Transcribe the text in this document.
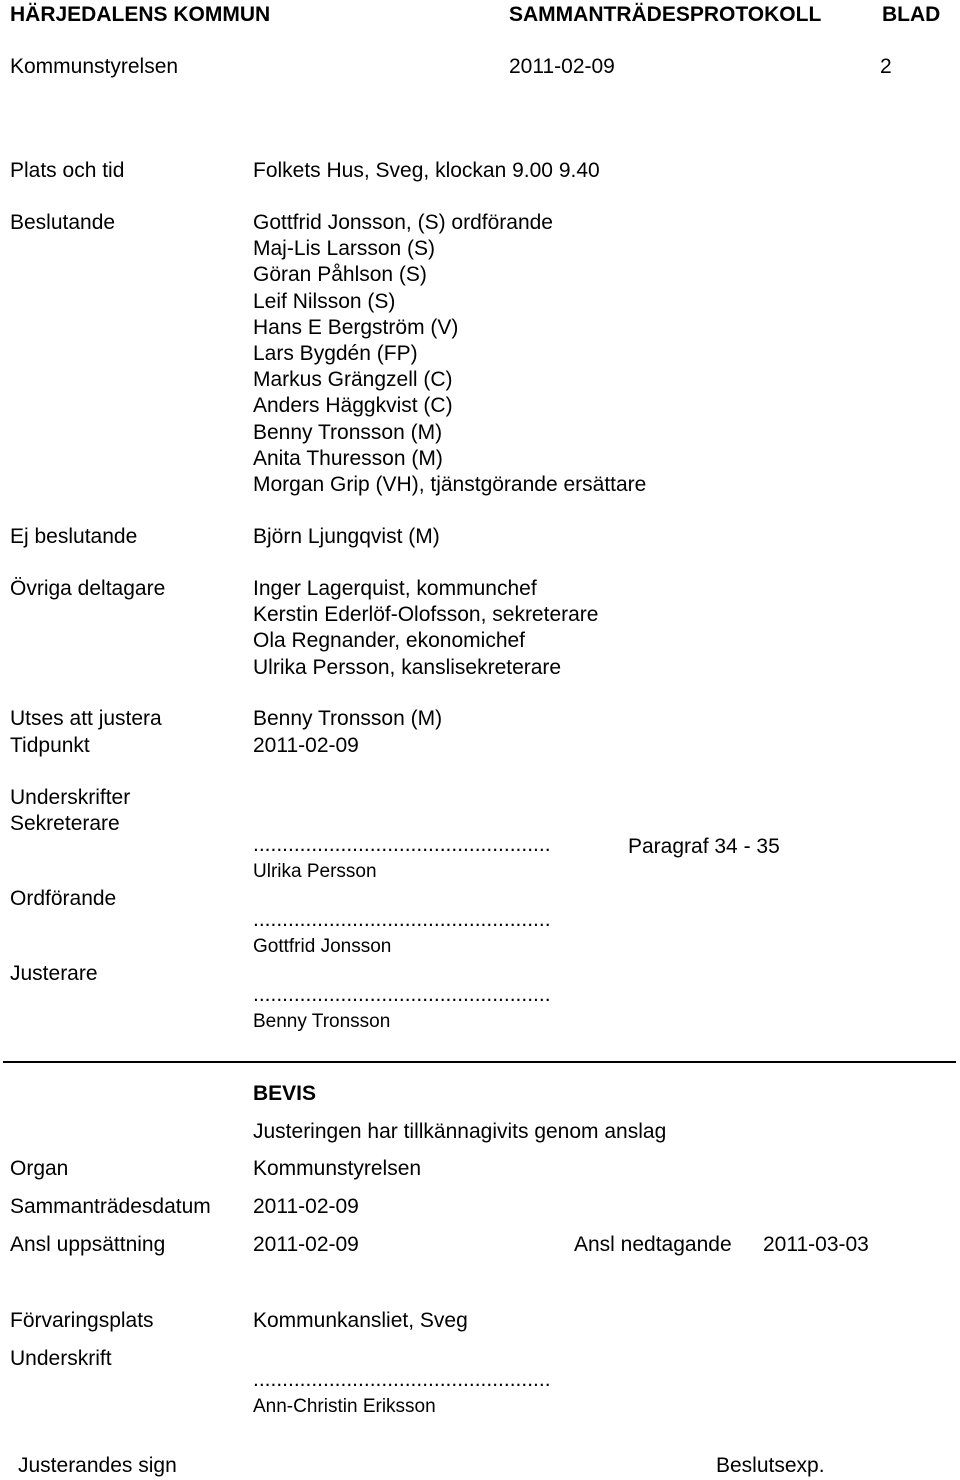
HÄRJEDALENS KOMMUN	SAMMANTRÄDESPROTOKOLL	BLAD
Kommunstyrelsen	2011-02-09	2
Plats och tid	Folkets Hus, Sveg, klockan 9.00 9.40
Beslutande	Gottfrid Jonsson, (S) ordförande
Maj-Lis Larsson (S)
Göran Påhlson (S)
Leif Nilsson (S)
Hans E Bergström (V)
Lars Bygdén (FP)
Markus Grängzell (C)
Anders Häggkvist (C)
Benny Tronsson (M)
Anita Thuresson (M)
Morgan Grip (VH), tjänstgörande ersättare
Ej beslutande	Björn Ljungqvist (M)
Övriga deltagare	Inger Lagerquist, kommunchef
Kerstin Ederlöf-Olofsson, sekreterare
Ola Regnander, ekonomichef
Ulrika Persson, kanslisekreterare
Utses att justera	Benny Tronsson (M)
Tidpunkt	2011-02-09
Underskrifter
Sekreterare
...................................................	Paragraf 34 - 35
Ulrika Persson
Ordförande
...................................................
Gottfrid Jonsson
Justerare
...................................................
Benny Tronsson
BEVIS
Justeringen har tillkännagivits genom anslag
Organ	Kommunstyrelsen
Sammanträdesdatum 2011-02-09
Ansl uppsättning	2011-02-09	Ansl nedtagande 2011-03-03
Förvaringsplats	Kommunkansliet, Sveg
Underskrift
...................................................
Ann-Christin Eriksson
Justerandes sign	Beslutsexp.
